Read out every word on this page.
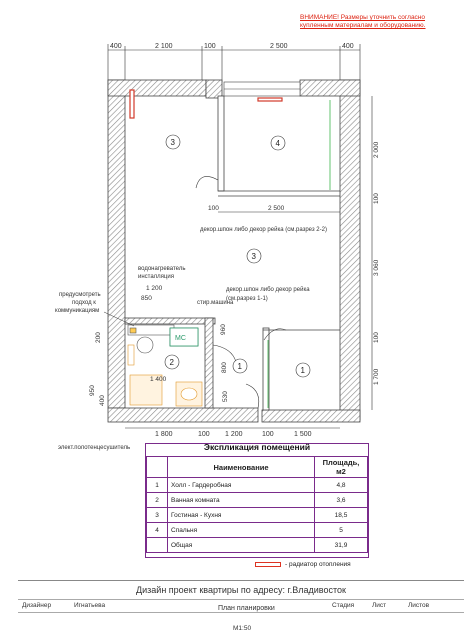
ВНИМАНИЕ! Размеры уточнить согласно
купленным материалам и оборудованию.
400	2 100	100	2 500	400
МС
3	4
3
2	1	1
100	2 500
декор.шпон либо декор рейка (см.разрез 2-2)
декор.шпон либо декор рейка
(см.разрез 1-1)
водонагреватель
инсталляция
1 200
850
стир.машина
предусмотреть
подход к
коммуникациям
960
800
1 400
530
200
950
400
2 000
100
3 060
100
1 700
1 800	100 1 200	100	1 500
элект.полотенцесушитель	Экспликация помещений
	Наименование	Площадь, м2
1	Холл - Гардеробная	4,8
2	Ванная комната	3,6
3	Гостиная - Кухня	18,5
4	Спальня	5
	Общая	31,9
- радиатор отопления
Дизайн проект квартиры по адресу: г.Владивосток
Дизайнер	Игнатьева	Стадия	Лист	Листов
План планировки
М1:50
